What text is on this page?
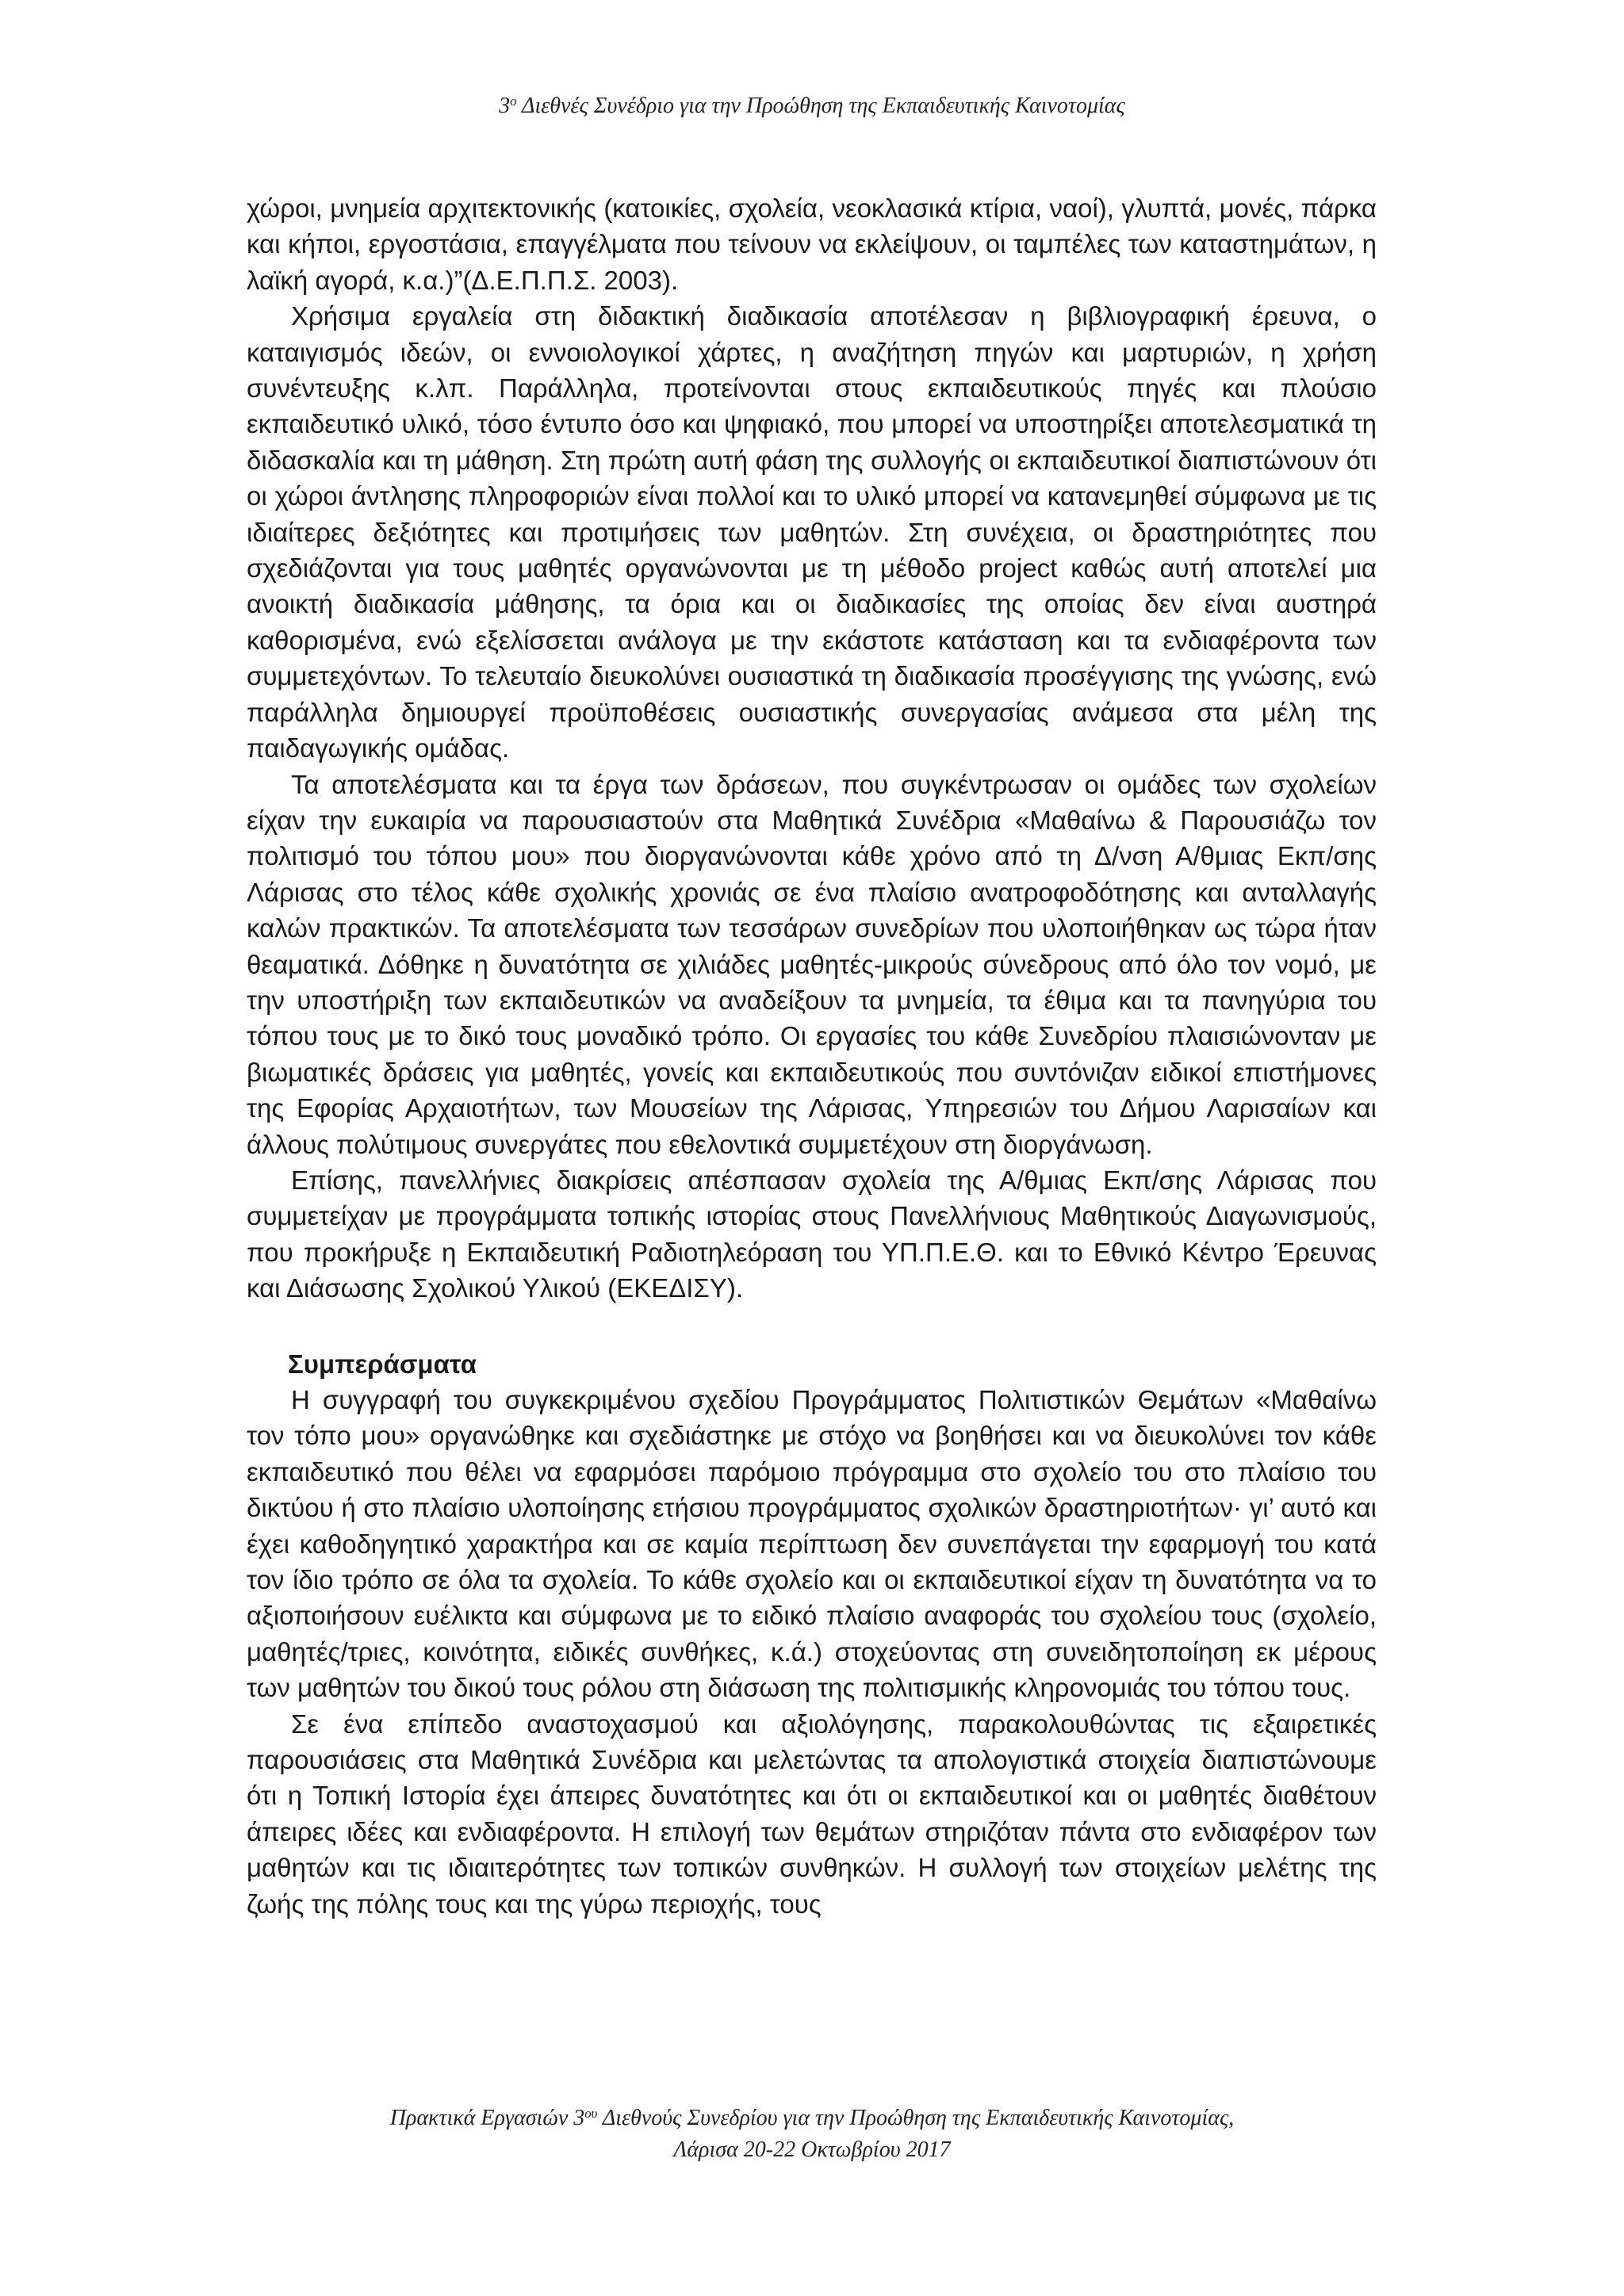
$3^o$ Διεθνές Συνέδριο για την Προώθηση της Εκπαιδευτικής Καινοτομίας

χώροι, μνημεία αρχιτεκτονικής (κατοικίες, σχολεία, νεοκλασικά κτίρια, ναοί), γλυπτά, μονές, πάρκα και κήποι, εργοστάσια, επαγγέλματα που τείνουν να εκλείψουν, οι ταμπέλες των καταστημάτων, η λαϊκή αγορά, κ.α.)”(Δ.Ε.Π.Π.Σ. 2003).

Χρήσιμα εργαλεία στη διδακτική διαδικασία αποτέλεσαν η βιβλιογραφική έρευνα, ο καταιγισμός ιδεών, οι εννοιολογικοί χάρτες, η αναζήτηση πηγών και μαρτυριών, η χρήση συνέντευξης κ.λπ. Παράλληλα, προτείνονται στους εκπαιδευτικούς πηγές και πλούσιο εκπαιδευτικό υλικό, τόσο έντυπο όσο και ψηφιακό, που μπορεί να υποστηρίξει αποτελεσματικά τη διδασκαλία και τη μάθηση. Στη πρώτη αυτή φάση της συλλογής οι εκπαιδευτικοί διαπιστώνουν ότι οι χώροι άντλησης πληροφοριών είναι πολλοί και το υλικό μπορεί να κατανεμηθεί σύμφωνα με τις ιδιαίτερες δεξιότητες και προτιμήσεις των μαθητών. Στη συνέχεια, οι δραστηριότητες που σχεδιάζονται για τους μαθητές οργανώνονται με τη μέθοδο project καθώς αυτή αποτελεί μια ανοικτή διαδικασία μάθησης, τα όρια και οι διαδικασίες της οποίας δεν είναι αυστηρά καθορισμένα, ενώ εξελίσσεται ανάλογα με την εκάστοτε κατάσταση και τα ενδιαφέροντα των συμμετεχόντων. Το τελευταίο διευκολύνει ουσιαστικά τη διαδικασία προσέγγισης της γνώσης, ενώ παράλληλα δημιουργεί προϋποθέσεις ουσιαστικής συνεργασίας ανάμεσα στα μέλη της παιδαγωγικής ομάδας.

Τα αποτελέσματα και τα έργα των δράσεων, που συγκέντρωσαν οι ομάδες των σχολείων είχαν την ευκαιρία να παρουσιαστούν στα Μαθητικά Συνέδρια «Μαθαίνω & Παρουσιάζω τον πολιτισμό του τόπου μου» που διοργανώνονται κάθε χρόνο από τη Δ/νση Α/θμιας Εκπ/σης Λάρισας στο τέλος κάθε σχολικής χρονιάς σε ένα πλαίσιο ανατροφοδότησης και ανταλλαγής καλών πρακτικών. Τα αποτελέσματα των τεσσάρων συνεδρίων που υλοποιήθηκαν ως τώρα ήταν θεαματικά. Δόθηκε η δυνατότητα σε χιλιάδες μαθητές-μικρούς σύνεδρους από όλο τον νομό, με την υποστήριξη των εκπαιδευτικών να αναδείξουν τα μνημεία, τα έθιμα και τα πανηγύρια του τόπου τους με το δικό τους μοναδικό τρόπο. Οι εργασίες του κάθε Συνεδρίου πλαισιώνονταν με βιωματικές δράσεις για μαθητές, γονείς και εκπαιδευτικούς που συντόνιζαν ειδικοί επιστήμονες της Εφορίας Αρχαιοτήτων, των Μουσείων της Λάρισας, Υπηρεσιών του Δήμου Λαρισαίων και άλλους πολύτιμους συνεργάτες που εθελοντικά συμμετέχουν στη διοργάνωση.

Επίσης, πανελλήνιες διακρίσεις απέσπασαν σχολεία της Α/θμιας Εκπ/σης Λάρισας που συμμετείχαν με προγράμματα τοπικής ιστορίας στους Πανελλήνιους Μαθητικούς Διαγωνισμούς, που προκήρυξε η Εκπαιδευτική Ραδιοτηλεόραση του ΥΠ.Π.Ε.Θ. και το Εθνικό Κέντρο Έρευνας και Διάσωσης Σχολικού Υλικού (ΕΚΕΔΙΣΥ).

Συμπεράσματα

Η συγγραφή του συγκεκριμένου σχεδίου Προγράμματος Πολιτιστικών Θεμάτων «Μαθαίνω τον τόπο μου» οργανώθηκε και σχεδιάστηκε με στόχο να βοηθήσει και να διευκολύνει τον κάθε εκπαιδευτικό που θέλει να εφαρμόσει παρόμοιο πρόγραμμα στο σχολείο του στο πλαίσιο του δικτύου ή στο πλαίσιο υλοποίησης ετήσιου προγράμματος σχολικών δραστηριοτήτων· γι’ αυτό και έχει καθοδηγητικό χαρακτήρα και σε καμία περίπτωση δεν συνεπάγεται την εφαρμογή του κατά τον ίδιο τρόπο σε όλα τα σχολεία. Το κάθε σχολείο και οι εκπαιδευτικοί είχαν τη δυνατότητα να το αξιοποιήσουν ευέλικτα και σύμφωνα με το ειδικό πλαίσιο αναφοράς του σχολείου τους (σχολείο, μαθητές/τριες, κοινότητα, ειδικές συνθήκες, κ.ά.) στοχεύοντας στη συνειδητοποίηση εκ μέρους των μαθητών του δικού τους ρόλου στη διάσωση της πολιτισμικής κληρονομιάς του τόπου τους.

Σε ένα επίπεδο αναστοχασμού και αξιολόγησης, παρακολουθώντας τις εξαιρετικές παρουσιάσεις στα Μαθητικά Συνέδρια και μελετώντας τα απολογιστικά στοιχεία διαπιστώνουμε ότι η Τοπική Ιστορία έχει άπειρες δυνατότητες και ότι οι εκπαιδευτικοί και οι μαθητές διαθέτουν άπειρες ιδέες και ενδιαφέροντα. Η επιλογή των θεμάτων στηριζόταν πάντα στο ενδιαφέρον των μαθητών και τις ιδιαιτερότητες των τοπικών συνθηκών. Η συλλογή των στοιχείων μελέτης της ζωής της πόλης τους και της γύρω περιοχής, τους

Πρακτικά Εργασιών $3^{o\upsilon}$ Διεθνούς Συνεδρίου για την Προώθηση της Εκπαιδευτικής Καινοτομίας,
Λάρισα 20-22 Οκτωβρίου 2017
